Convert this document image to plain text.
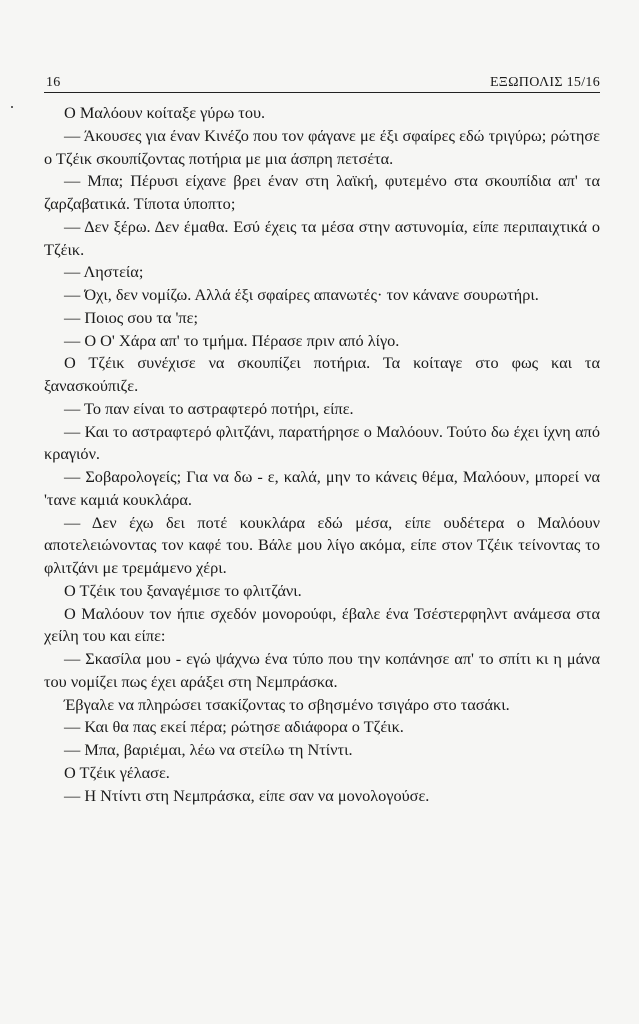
16	ΕΞΩΠΟΛΙΣ 15/16

Ο Μαλόουν κοίταξε γύρω του.

— Άκουσες για έναν Κινέζο που τον φάγανε με έξι σφαίρες εδώ τριγύρω; ρώτησε ο Τζέικ σκουπίζοντας ποτήρια με μια άσπρη πετσέτα.

— Μπα; Πέρυσι είχανε βρει έναν στη λαϊκή, φυτεμένο στα σκουπίδια απ' τα ζαρζαβατικά. Τίποτα ύποπτο;

— Δεν ξέρω. Δεν έμαθα. Εσύ έχεις τα μέσα στην αστυνομία, είπε περιπαιχτικά ο Τζέικ.

— Ληστεία;

— Όχι, δεν νομίζω. Αλλά έξι σφαίρες απανωτές· τον κάνανε σουρωτήρι.

— Ποιος σου τα 'πε;

— Ο Ο' Χάρα απ' το τμήμα. Πέρασε πριν από λίγο.

Ο Τζέικ συνέχισε να σκουπίζει ποτήρια. Τα κοίταγε στο φως και τα ξανασκούπιζε.

— Το παν είναι το αστραφτερό ποτήρι, είπε.

— Και το αστραφτερό φλιτζάνι, παρατήρησε ο Μαλόουν. Τούτο δω έχει ίχνη από κραγιόν.

— Σοβαρολογείς; Για να δω - ε, καλά, μην το κάνεις θέμα, Μαλόουν, μπορεί να 'τανε καμιά κουκλάρα.

— Δεν έχω δει ποτέ κουκλάρα εδώ μέσα, είπε ουδέτερα ο Μαλόουν αποτελειώνοντας τον καφέ του. Βάλε μου λίγο ακόμα, είπε στον Τζέικ τείνοντας το φλιτζάνι με τρεμάμενο χέρι.

Ο Τζέικ του ξαναγέμισε το φλιτζάνι.

Ο Μαλόουν τον ήπιε σχεδόν μονορούφι, έβαλε ένα Τσέστερφηλντ ανάμεσα στα χείλη του και είπε:

— Σκασίλα μου - εγώ ψάχνω ένα τύπο που την κοπάνησε απ' το σπίτι κι η μάνα του νομίζει πως έχει αράξει στη Νεμπράσκα.

Έβγαλε να πληρώσει τσακίζοντας το σβησμένο τσιγάρο στο τασάκι.

— Και θα πας εκεί πέρα; ρώτησε αδιάφορα ο Τζέικ.

— Μπα, βαριέμαι, λέω να στείλω τη Ντίντι.

Ο Τζέικ γέλασε.

— Η Ντίντι στη Νεμπράσκα, είπε σαν να μονολογούσε.
